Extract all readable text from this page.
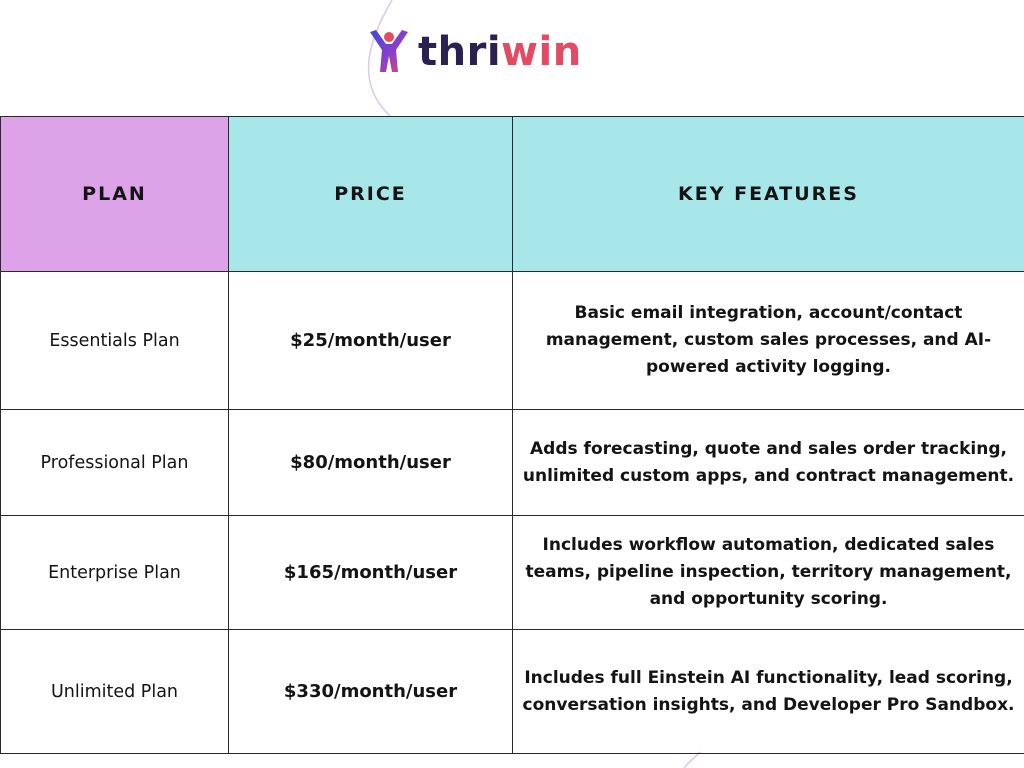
thriwin
PLAN	PRICE	KEY FEATURES
Essentials Plan	$25/month/user	Basic email integration, account/contact management, custom sales processes, and AI-powered activity logging.
Professional Plan	$80/month/user	Adds forecasting, quote and sales order tracking, unlimited custom apps, and contract management.
Enterprise Plan	$165/month/user	Includes workflow automation, dedicated sales teams, pipeline inspection, territory management, and opportunity scoring.
Unlimited Plan	$330/month/user	Includes full Einstein AI functionality, lead scoring, conversation insights, and Developer Pro Sandbox.
